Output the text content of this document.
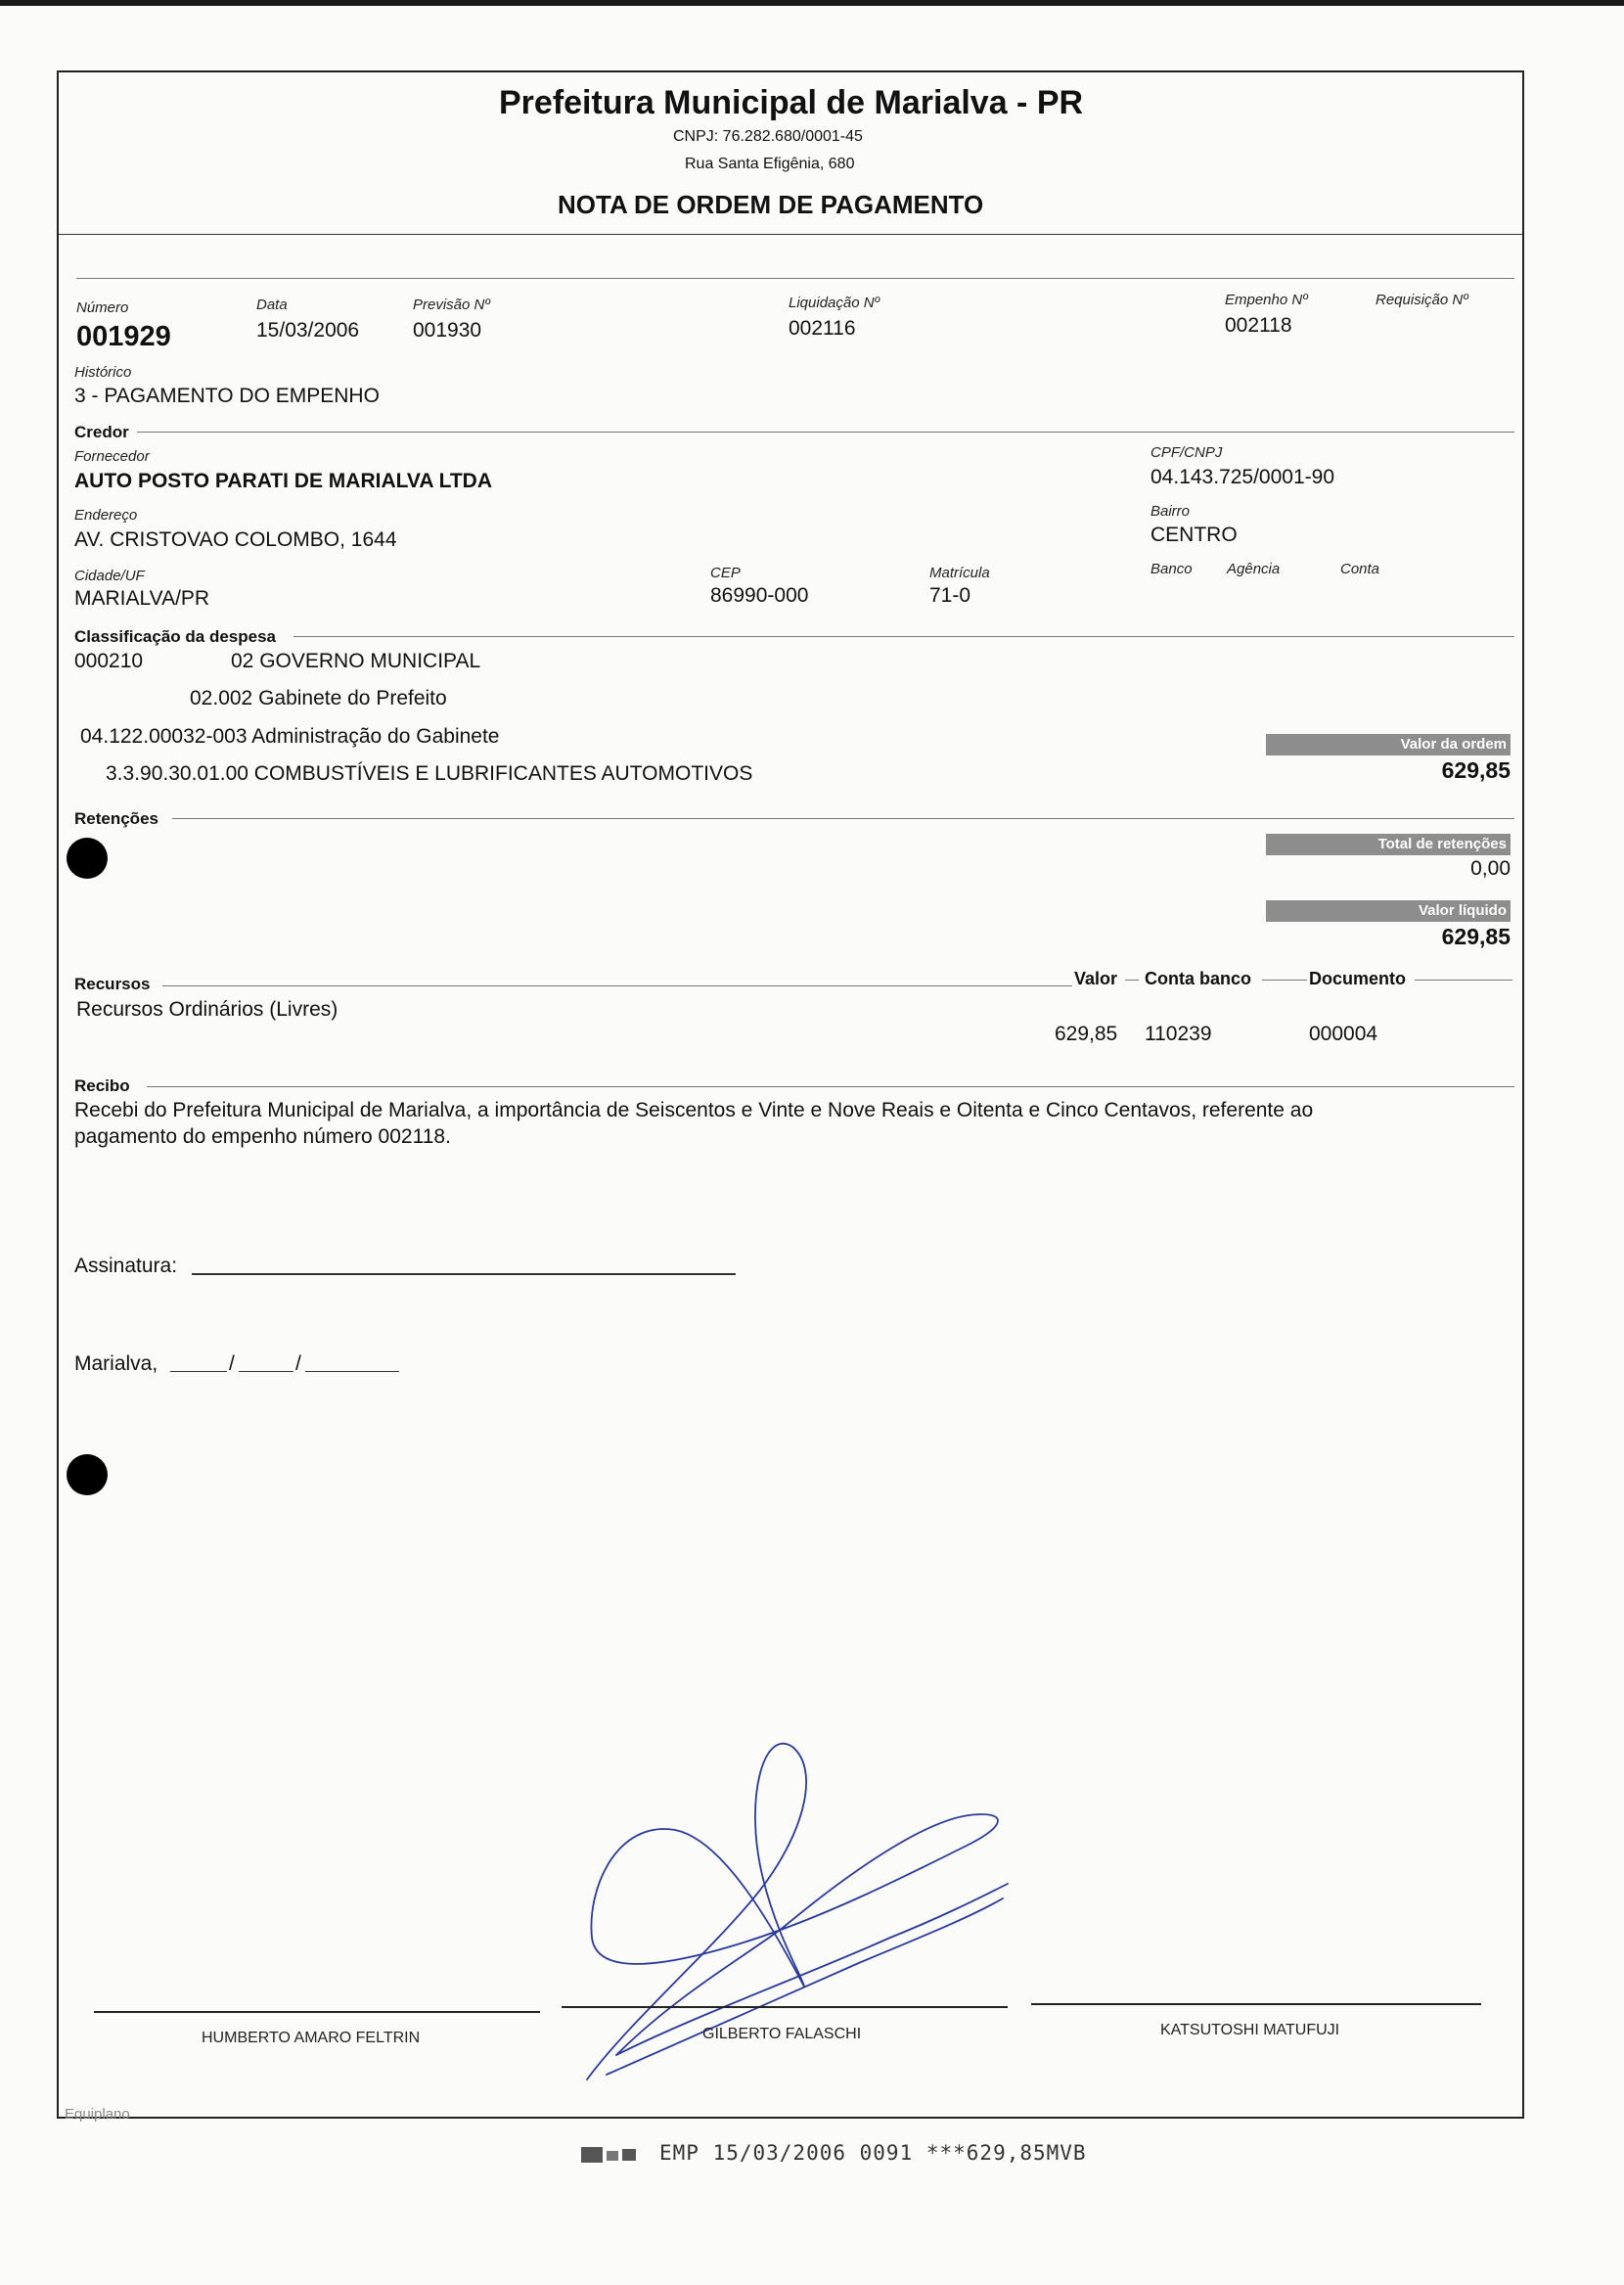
Prefeitura Municipal de Marialva - PR
CNPJ: 76.282.680/0001-45
Rua Santa Efigênia, 680
NOTA DE ORDEM DE PAGAMENTO
Número
001929
Data
15/03/2006
Previsão Nº
001930
Liquidação Nº
002116
Empenho Nº
002118
Requisição Nº
Histórico
3 - PAGAMENTO DO EMPENHO
Credor
Fornecedor
AUTO POSTO PARATI DE MARIALVA LTDA
CPF/CNPJ
04.143.725/0001-90
Endereço
AV. CRISTOVAO COLOMBO, 1644
Bairro
CENTRO
Cidade/UF
MARIALVA/PR
CEP
86990-000
Matrícula
71-0
Banco Agência	Conta
Classificação da despesa
000210	02 GOVERNO MUNICIPAL
02.002 Gabinete do Prefeito
04.122.00032-003 Administração do Gabinete
3.3.90.30.01.00 COMBUSTÍVEIS E LUBRIFICANTES AUTOMOTIVOS
Valor da ordem
629,85
Retenções
Total de retenções
0,00
Valor líquido
629,85
Recursos	Valor Conta banco	Documento
Recursos Ordinários (Livres)
629,85 110239	000004
Recibo
Recebi do Prefeitura Municipal de Marialva, a importância de Seiscentos e Vinte e Nove Reais e Oitenta e Cinco Centavos, referente ao
pagamento do empenho número 002118.
Assinatura:
Marialva,	/	/
HUMBERTO AMARO FELTRIN	GILBERTO FALASCHI	KATSUTOSHI MATUFUJI
Equiplano
EMP 15/03/2006 0091 ***629,85MVB
